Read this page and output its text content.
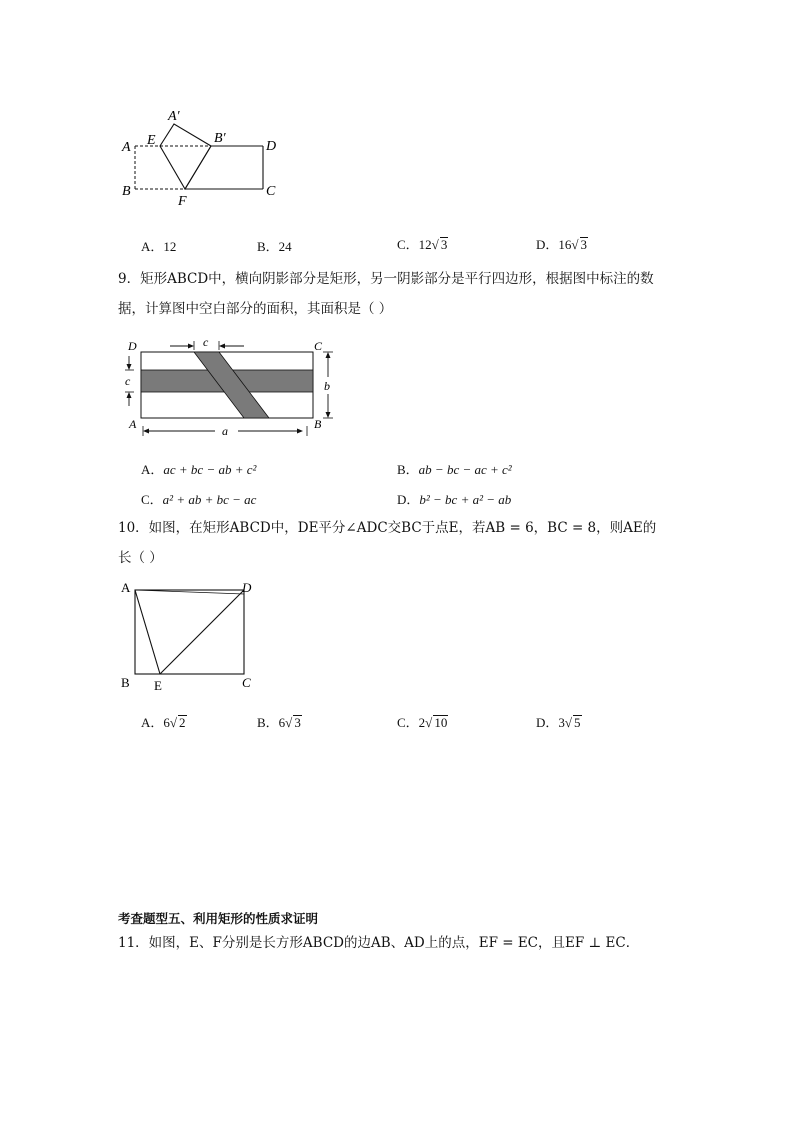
A E
A′
B′
D
B
F
C
A．12	B．24	C．12√ 3	D．16√ 3
9．矩形ABCD中，横向阴影部分是矩形，另一阴影部分是平行四边形，根据图中标注的数
据，计算图中空白部分的面积，其面积是（ ）
c
c	b
a
D	C
A	B
A．ac + bc − ab + c²	B．ab − bc − ac + c²
C．a² + ab + bc − ac	D．b² − bc + a² − ab
10．如图，在矩形ABCD中，DE平分∠ADC交BC于点E，若AB = 6，BC = 8，则AE的
长（ ）
A	D
B E	C
A．6√ 2	B．6√ 3	C．2√ 10	D．3√ 5
考查题型五、利用矩形的性质求证明
11．如图，E、F分别是长方形ABCD的边AB、AD上的点，EF = EC，且EF ⊥ EC．
